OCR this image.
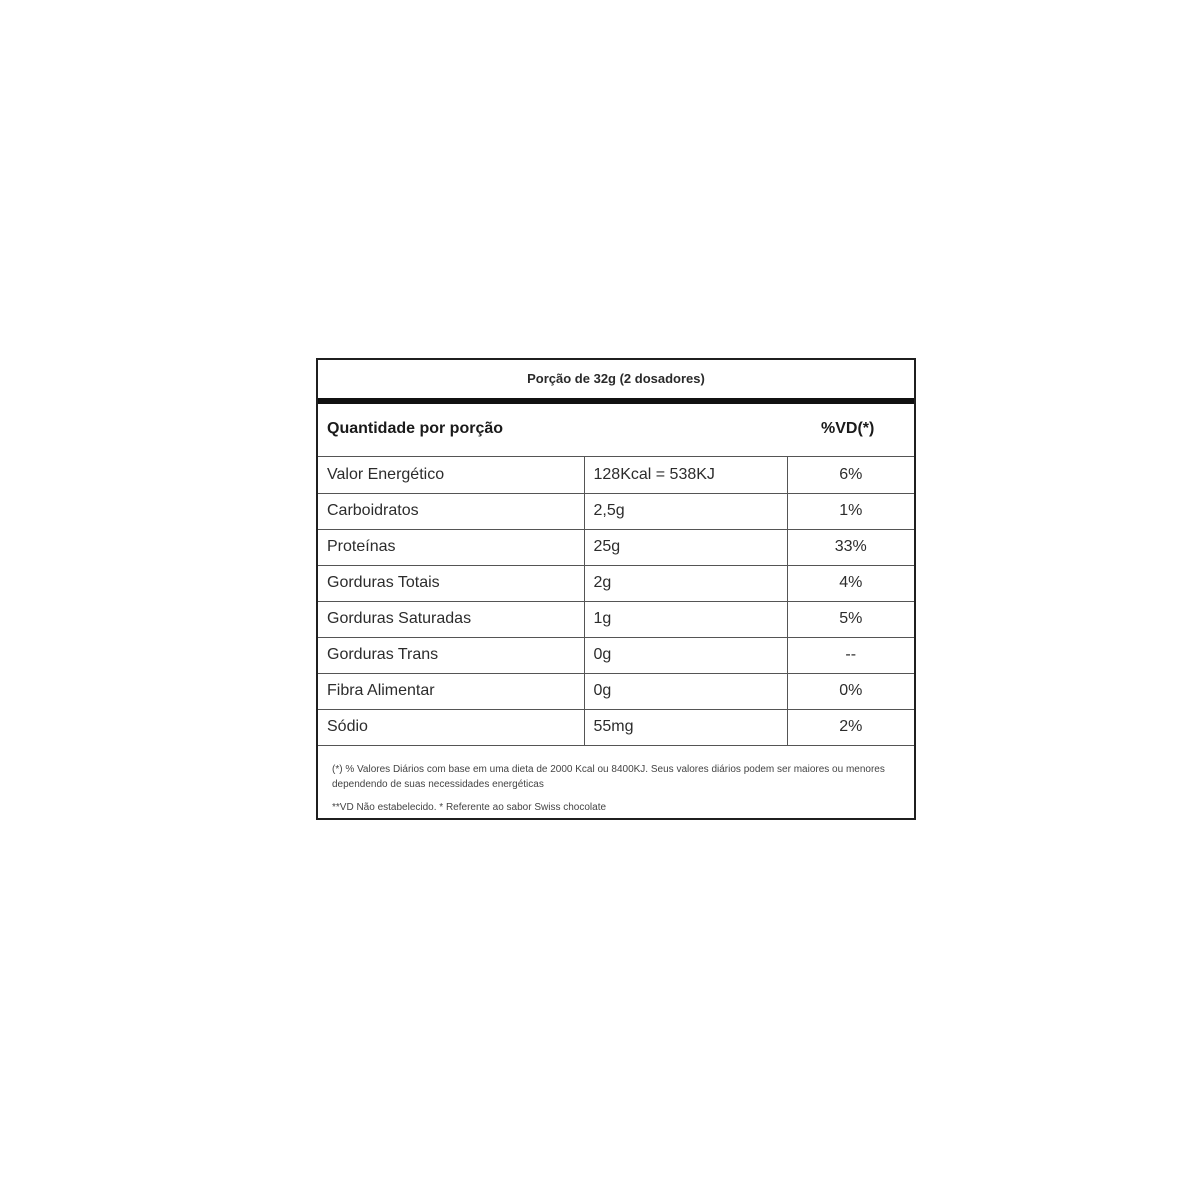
Porção de 32g (2 dosadores)
Quantidade por porção	%VD(*)
Valor Energético	128Kcal = 538KJ	6%
Carboidratos	2,5g	1%
Proteínas	25g	33%
Gorduras Totais	2g	4%
Gorduras Saturadas	1g	5%
Gorduras Trans	0g	--
Fibra Alimentar	0g	0%
Sódio	55mg	2%
(*) % Valores Diários com base em uma dieta de 2000 Kcal ou 8400KJ. Seus valores diários podem ser maiores ou menores dependendo de suas necessidades energéticas
**VD Não estabelecido. * Referente ao sabor Swiss chocolate
